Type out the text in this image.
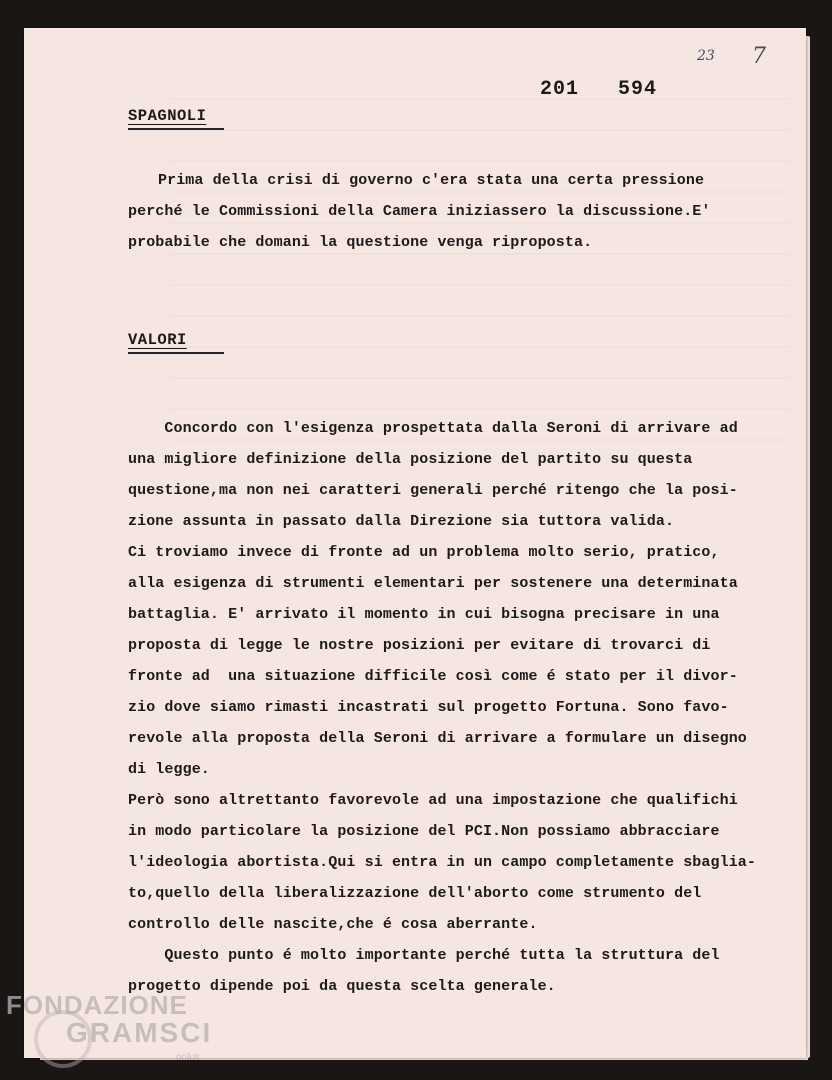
201   594
23 7
SPAGNOLI
Prima della crisi di governo c'era stata una certa pressione
perché le Commissioni della Camera iniziassero la discussione.E'
probabile che domani la questione venga riproposta.
VALORI
Concordo con l'esigenza prospettata dalla Seroni di arrivare ad
una migliore definizione della posizione del partito su questa
questione,ma non nei caratteri generali perché ritengo che la posi-
zione assunta in passato dalla Direzione sia tuttora valida.
Ci troviamo invece di fronte ad un problema molto serio, pratico,
alla esigenza di strumenti elementari per sostenere una determinata
battaglia. E' arrivato il momento in cui bisogna precisare in una
proposta di legge le nostre posizioni per evitare di trovarci di
fronte ad  una situazione difficile così come é stato per il divor-
zio dove siamo rimasti incastrati sul progetto Fortuna. Sono favo-
revole alla proposta della Seroni di arrivare a formulare un disegno
di legge.
Però sono altrettanto favorevole ad una impostazione che qualifichi
in modo particolare la posizione del PCI.Non possiamo abbracciare
l'ideologia abortista.Qui si entra in un campo completamente sbaglia-
to,quello della liberalizzazione dell'aborto come strumento del
controllo delle nascite,che é cosa aberrante.
Questo punto é molto importante perché tutta la struttura del
progetto dipende poi da questa scelta generale.
FONDAZIONE
GRAMSCI
onlus
